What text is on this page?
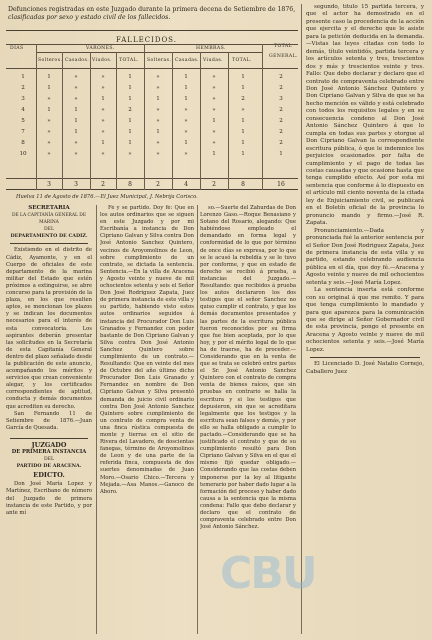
Defunciones registradas en este Juzgado durante la primera decena de Setiembre de 1876,
clasificadas por sexo y estado civil de los fallecidos.
FALLECIDOS.
DIAS	VARONES.	HEMBRAS.	TOTAL
GENERAL.
Solteros. Casados. Viudos. TOTAL. Solteras. Casadas. Viudas. TOTAL.
1	1	»	»	1	»	1	»	1	2
2	1	»	»	1	»	1	»	1	2
3	»	»	1	1	1	1	»	2	3
4	1	1	»	2	»	»	»	»	2
5	»	1	»	1	»	»	1	1	2
7	»	1	»	1	1	»	»	1	2
8	»	»	1	1	»	1	»	1	2
10	»	»	»	»	»	»	1	1	1
3	3	2	8	2	4	2	8	16
Huelva 11 de Agosto de 1876.—El Juez Municipal, J. Nebrija Corisco.
SECRETARÍA
DE LA CAPITANÍA GENERAL DE MARINA
DEL
DEPARTAMENTO DE CADIZ.

Existiendo en el distrito de Cádiz, Ayamonte, y en el Cuerpo de oficiales de este departamento de la marina militar del Estado que estén próximos a extinguirse, se abre concurso para la provisión de la plaza, en los que resulten aptos, se mencionan los plazos y se indican los documentos necesarios para el interés de esta convocatoria. Los aspirantes deberán presentar las solicitudes en la Secretaría de esta Capitanía General dentro del plazo señalado desde la publicación de este anuncio, acompañando los méritos y servicios que crean conveniente alegar, y los certificados correspondientes de aptitud, conducta y demás documentos que acrediten su derecho.

San Fernando 11 de Setiembre de 1876.—Juan García de Quesada.

JUZGADO
DE PRIMERA INSTANCIA
DEL
PARTIDO DE ARACENA.
EDICTO.

Don José María Lopez y Martínez, Escribano de número del Juzgado de primera instancia de este Partido, y por ante mí

Fé y se partido. Doy fé: Que en los autos ordinarios que se siguen en este Juzgado y por mi Escribanía a instancia de Don Cipriano Galvan y Silva contra Don José Antonio Sanchez Quintero, vecinos de Aroyomolinos de Leon, sobre cumplimiento de un contrato, se dictada la sentencia. Sentencia.—En la villa de Aracena y Agosto veinte y nueve de mil ochocientos setenta y seis el Señor Don José Rodriguez Zapata, Juez de primera instancia de este villa y su partido, habiendo visto estos autos ordinarios seguidos á instancia del Procurador Don Luis Granados y Fernandez con poder bastante de Don Cipriano Galvan y Silva contra Don José Antonio Sanchez Quintero sobre cumplimiento de un contrato.—Resultando: Que en veinte del mes de Octubre del año último dicho Procurador Don Luis Granado y Fernandez en nombre de Don Cipriano Galvan y Silva presentó demanda de juicio civil ordinario contra Don José Antonio Sanchez Quintero sobre cumplimiento de un contrato de compra venta de una finca rústica compuesta de monte y tierras en el sitio de Rivera del Lavadero, de doscientas fanegas, término de Aroyomolinos de Leon y de una parte de la referida finca, compuesta de dos suertes denominadas de Juan Moro.—Osario Chico.—Tercera y Mejada.—Asa Manos.—Ganoco de Aboro.

so.—Suerte del Zahurdas de Don Lorenzo Gaso.—Roque Benasiano y Sotano del Rosario, alegando: Que habiéndose empleado el demandado en forma legal y conformidad de lo que por término de once días se expresa, por lo que se le acusó la rebeldía y se le tuvo por conforme, y que en estado de derecho se recibió á prueba, a instancias del Juzgado.—Resultando: que recibidos á prueba los autos declararon los dos testigos que el señor Sanchez no quiso cumplir el contrato, y que los demás documentos presentados y las partes de la escritura pública fueron reconocidos por su firma que fue bien aceptada, por lo que hoy, y por el mérito legal de lo que ha de traerse, ha de proceder.—Considerando que en la venta de que se trata se celebró entre partes el Sr. José Antonio Sanchez Quintero con el contrato de compra venta de bienes raíces, que sin pruebas en contrario se halla la escritura y si los testigos que depusieron, sin que se acreditara legalmente que los testigos y la escritura sean falsos y demás, y por ello se halla obligado a cumplir lo pactado.—Considerando que se ha justificado el contrato y que de su cumplimiento resultó para Don Cipriano Galvan y Silva en el que el mismo fijó quedar obligado.—Considerando que las costas deben imponerse por la ley al litigante temerario por haber dado lugar a la formación del proceso y haber dado causa a la sentencia que la misma condena: Fallo que debo declarar y declaro que el contrato de compraventa celebrado entre Don José Antonio Sánchez.

segundo, título 15 partida tercera, y que el actor ha demostrado en el presente caso la procedencia de la acción que ejercita y el derecho que le asiste para la petición deducida en la demanda.—Vistas las leyes citadas con todo lo demás, título veintidós, partida tercera y los artículos setenta y tres, trescientos dos y más y trescientos veinte y tres. Fallo: Que debo declarar y declaro que el contrato de compraventa celebrado entre Don José Antonio Sánchez Quintero y Don Cipriano Galvan y Silva de que se ha hecho mención es válido y está celebrado con todos los requisitos legales y en su consecuencia condeno al Don José Antonio Sánchez Quintero á que lo cumpla en todas sus partes y otorgue al Don Cipriano Galvan la correspondiente escritura pública, ó que le indemnice los perjuicios ocasionados por falta de cumplimiento y el pago de todas las costas causadas y que ocasione hasta que tenga cumplido efecto. Así por esta mi sentencia que conforme á lo dispuesto en el artículo mil ciento noventa de la citada ley de Enjuiciamiento civil, se publicará en el Boletín oficial de la provincia lo pronuncio mando y firmo.—José R. Zapata.

Pronunciamiento.—Dada y pronunciada fué la anterior sentencia por el Señor Don José Rodriguez Zapata, Juez de primera instancia de esta villa y su partido, estando celebrando audiencia pública en el día, que doy fé.—Aracena y Agosto veinte y nueve de mil ochocientos setenta y seis.—José María Lopez.

La sentencia inserta está conforme con su original á que me remito. Y para que tenga cumplimiento lo mandado y para que aparezca para la comunicación que se dirige al Señor Gobernador civil de esta provincia, pongo el presente en Aracena y Agosto veinte y nueve de mil ochocientos setenta y seis.—José María Lopez.

El Licenciado D. José Natalio Cornejo, Caballero Juez

CBU
